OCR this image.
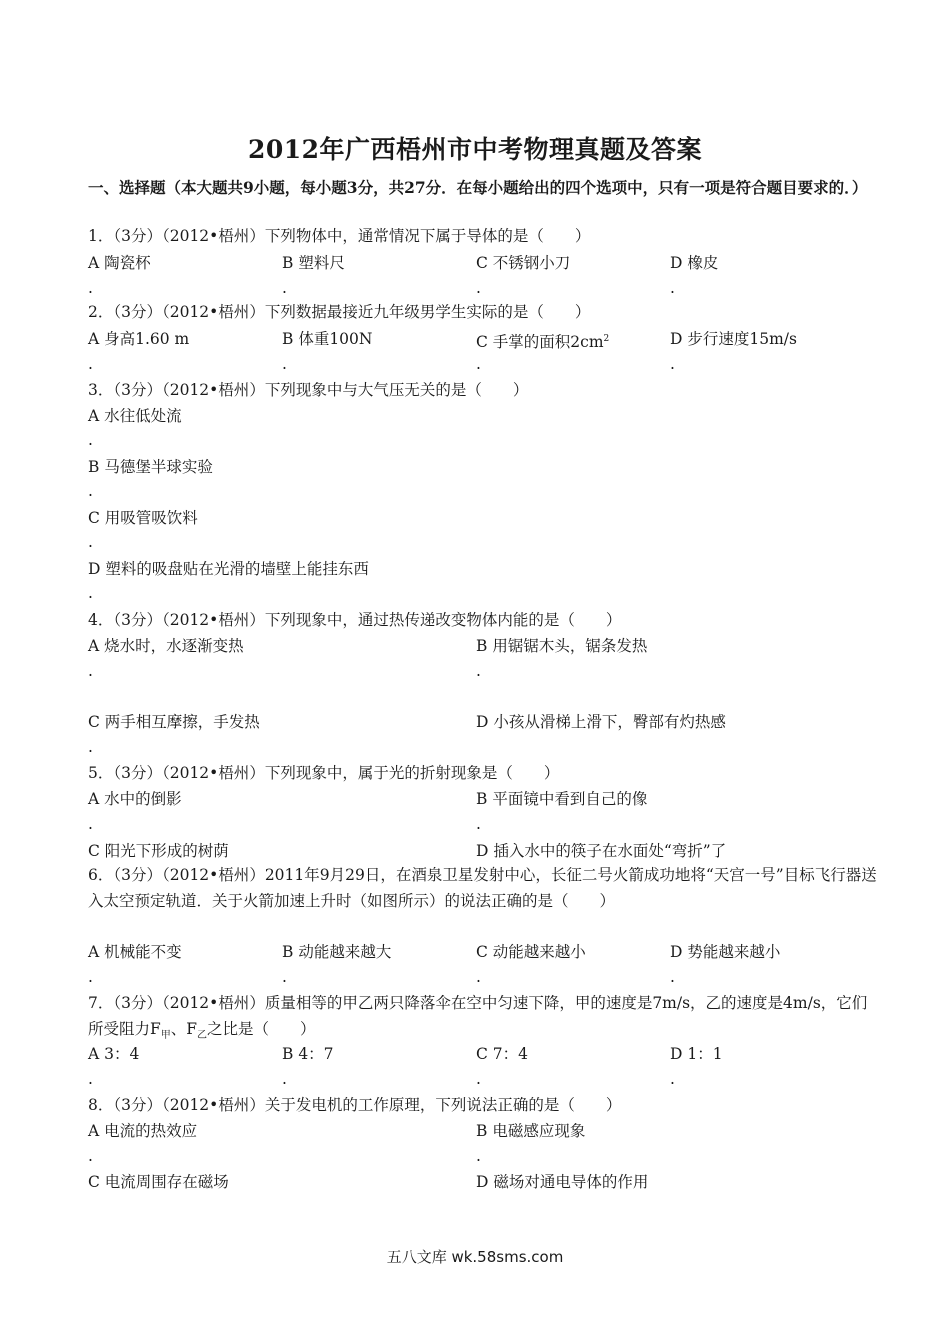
2012年广西梧州市中考物理真题及答案
一、选择题（本大题共9小题，每小题3分，共27分．在每小题给出的四个选项中，只有一项是符合题目要求的．）
1．（3分）（2012•梧州）下列物体中，通常情况下属于导体的是（　　）
A 陶瓷杯	B 塑料尺	C 不锈钢小刀	D 橡皮
.	.	.	.
2．（3分）（2012•梧州）下列数据最接近九年级男学生实际的是（　　）
A 身高1.60 m	B 体重100N	C 手掌的面积$2cm^2$	D 步行速度15m/s
.	.	.	.
3．（3分）（2012•梧州）下列现象中与大气压无关的是（　　）
A 水往低处流
.
B 马德堡半球实验
.
C 用吸管吸饮料
.
D 塑料的吸盘贴在光滑的墙壁上能挂东西
.
4．（3分）（2012•梧州）下列现象中，通过热传递改变物体内能的是（　　）
A 烧水时，水逐渐变热	B 用锯锯木头，锯条发热
.	.
C 两手相互摩擦，手发热	D 小孩从滑梯上滑下，臀部有灼热感
.
5．（3分）（2012•梧州）下列现象中，属于光的折射现象是（　　）
A 水中的倒影	B 平面镜中看到自己的像
.	.
C 阳光下形成的树荫	D 插入水中的筷子在水面处“弯折”了
6．（3分）（2012•梧州）2011年9月29日，在酒泉卫星发射中心，长征二号火箭成功地将“天宫一号”目标飞行器送入太空预定轨道．关于火箭加速上升时（如图所示）的说法正确的是（　　）
A 机械能不变	B 动能越来越大	C 动能越来越小	D 势能越来越小
.	.	.	.
7．（3分）（2012•梧州）质量相等的甲乙两只降落伞在空中匀速下降，甲的速度是7m/s，乙的速度是4m/s，它们所受阻力$F_甲$、$F_乙$之比是（　　）
A 3：4	B 4：7	C 7：4	D 1：1
.	.	.	.
8．（3分）（2012•梧州）关于发电机的工作原理，下列说法正确的是（　　）
A 电流的热效应	B 电磁感应现象
.	.
C 电流周围存在磁场	D 磁场对通电导体的作用
五八文库 wk.58sms.com
